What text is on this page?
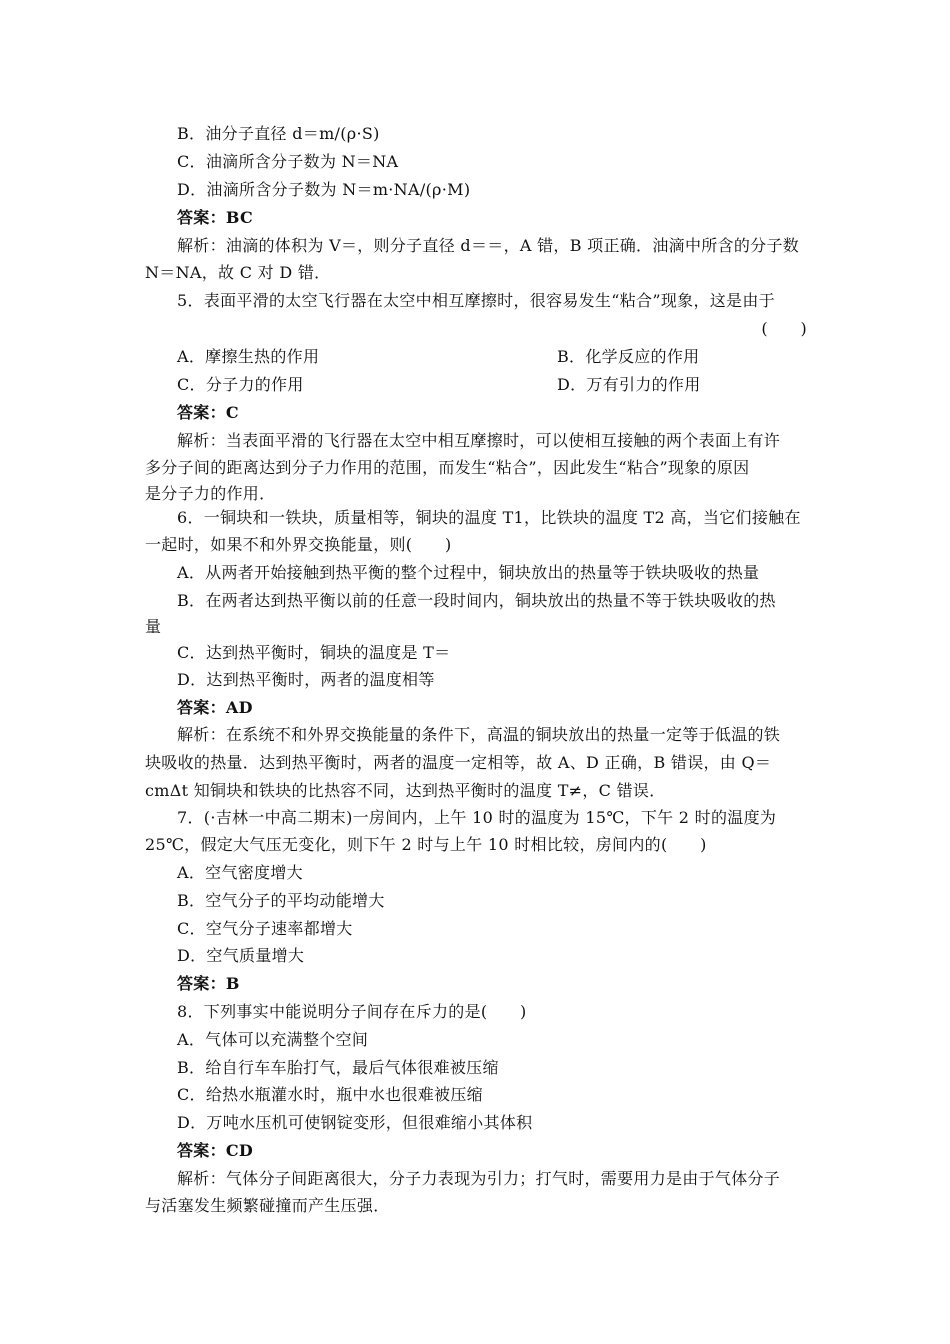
B．油分子直径 d＝m/(ρ·S)
C．油滴所含分子数为 N＝NA
D．油滴所含分子数为 N＝m·NA/(ρ·M)
答案：BC
解析：油滴的体积为 V＝，则分子直径 d＝＝，A 错，B 项正确．油滴中所含的分子数
N＝NA，故 C 对 D 错．
5．表面平滑的太空飞行器在太空中相互摩擦时，很容易发生“粘合”现象，这是由于
(　　)
A．摩擦生热的作用	B．化学反应的作用
C．分子力的作用	D．万有引力的作用
答案：C
解析：当表面平滑的飞行器在太空中相互摩擦时，可以使相互接触的两个表面上有许
多分子间的距离达到分子力作用的范围，而发生“粘合”，因此发生“粘合”现象的原因
是分子力的作用．
6．一铜块和一铁块，质量相等，铜块的温度 T1，比铁块的温度 T2 高，当它们接触在
一起时，如果不和外界交换能量，则(　　)
A．从两者开始接触到热平衡的整个过程中，铜块放出的热量等于铁块吸收的热量
B．在两者达到热平衡以前的任意一段时间内，铜块放出的热量不等于铁块吸收的热
量
C．达到热平衡时，铜块的温度是 T＝
D．达到热平衡时，两者的温度相等
答案：AD
解析：在系统不和外界交换能量的条件下，高温的铜块放出的热量一定等于低温的铁
块吸收的热量．达到热平衡时，两者的温度一定相等，故 A、D 正确，B 错误，由 Q＝
cmΔt 知铜块和铁块的比热容不同，达到热平衡时的温度 T≠，C 错误．
7．(·吉林一中高二期末)一房间内，上午 10 时的温度为 15℃，下午 2 时的温度为
25℃，假定大气压无变化，则下午 2 时与上午 10 时相比较，房间内的(　　)
A．空气密度增大
B．空气分子的平均动能增大
C．空气分子速率都增大
D．空气质量增大
答案：B
8．下列事实中能说明分子间存在斥力的是(　　)
A．气体可以充满整个空间
B．给自行车车胎打气，最后气体很难被压缩
C．给热水瓶灌水时，瓶中水也很难被压缩
D．万吨水压机可使钢锭变形，但很难缩小其体积
答案：CD
解析：气体分子间距离很大，分子力表现为引力；打气时，需要用力是由于气体分子
与活塞发生频繁碰撞而产生压强．
